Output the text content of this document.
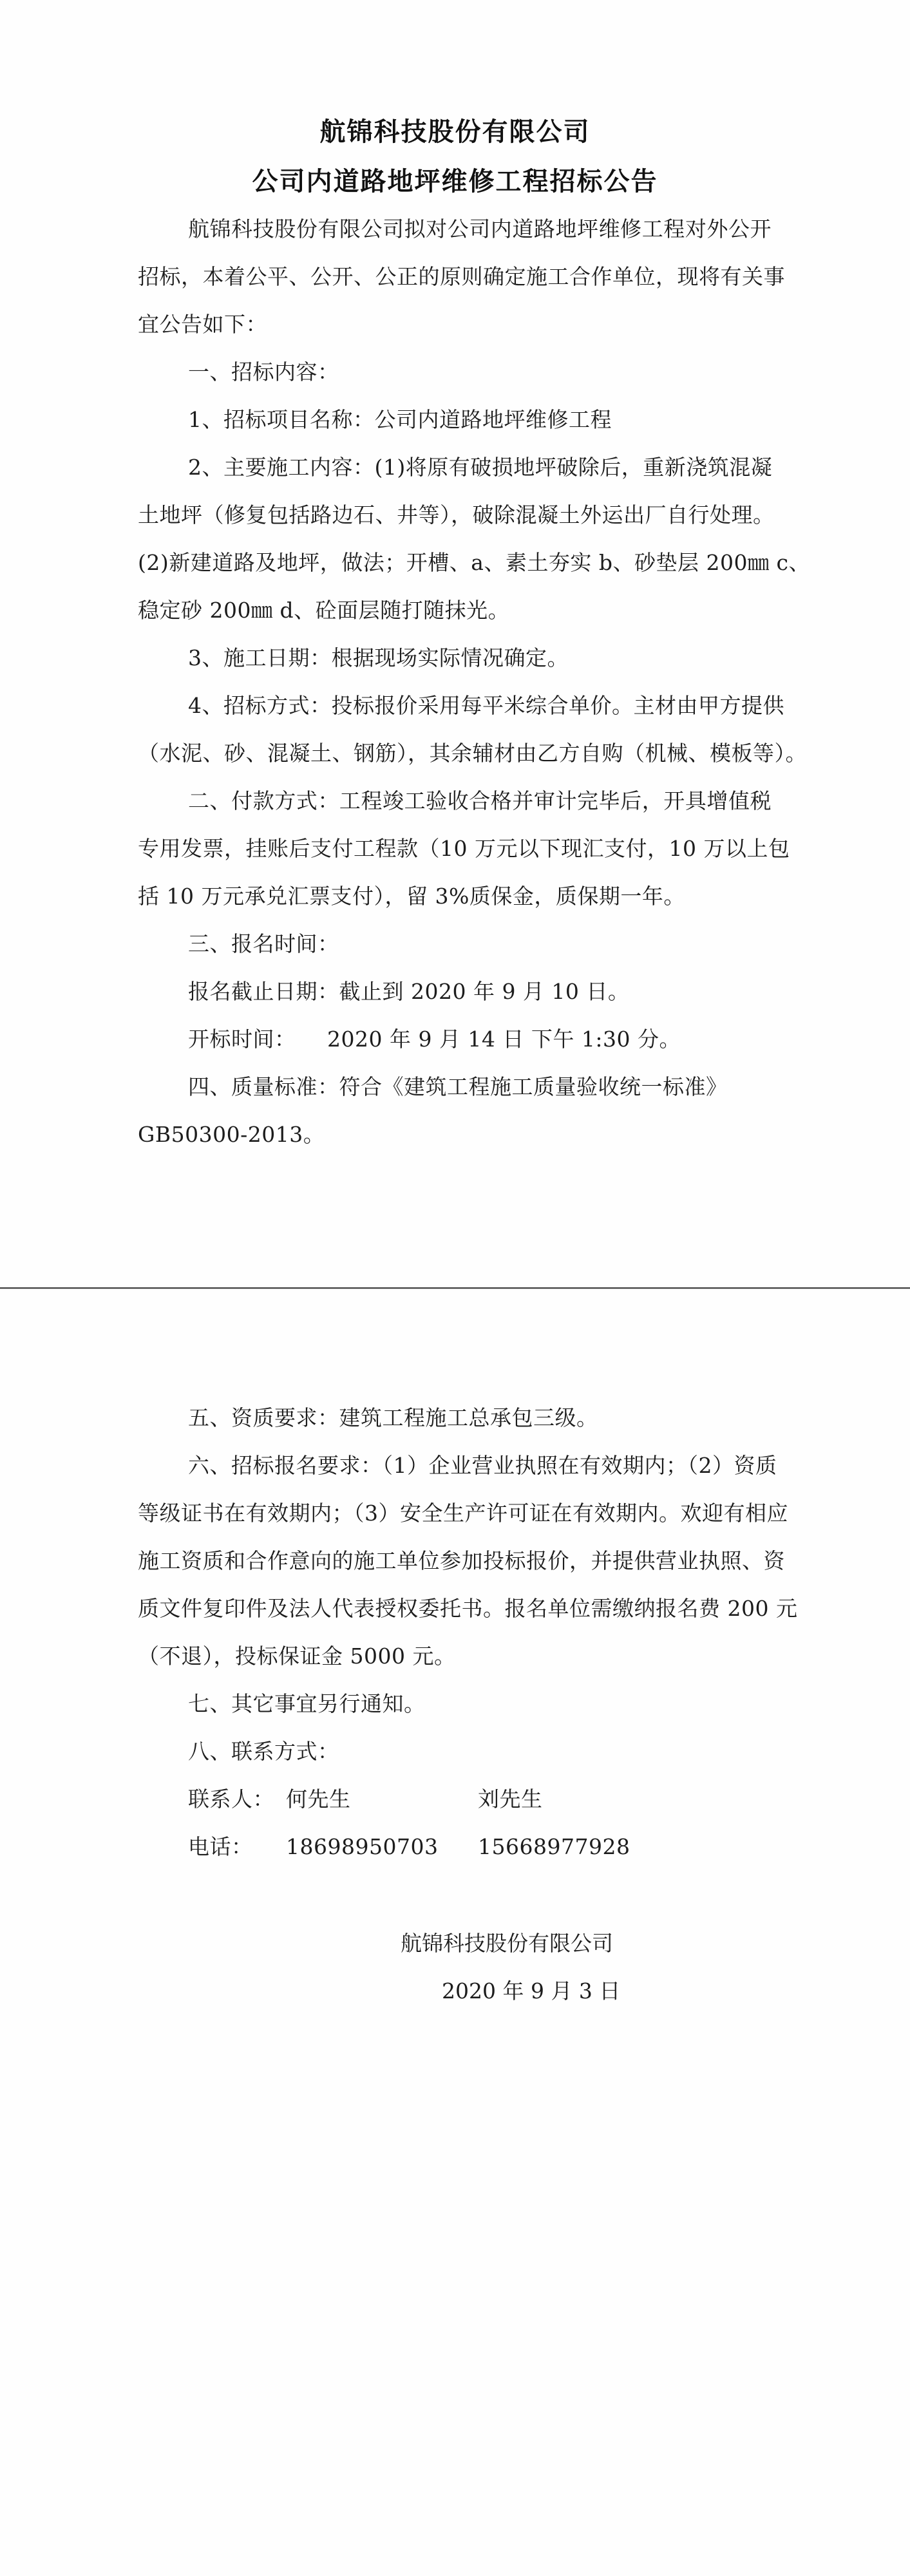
航锦科技股份有限公司
公司内道路地坪维修工程招标公告
航锦科技股份有限公司拟对公司内道路地坪维修工程对外公开
招标，本着公平、公开、公正的原则确定施工合作单位，现将有关事
宜公告如下：
一、招标内容：
1、招标项目名称：公司内道路地坪维修工程
2、主要施工内容：(1)将原有破损地坪破除后，重新浇筑混凝
土地坪（修复包括路边石、井等），破除混凝土外运出厂自行处理。
(2)新建道路及地坪，做法；开槽、a、素土夯实 b、砂垫层 200㎜ c、
稳定砂 200㎜ d、砼面层随打随抹光。
3、施工日期：根据现场实际情况确定。
4、招标方式：投标报价采用每平米综合单价。主材由甲方提供
（水泥、砂、混凝土、钢筋），其余辅材由乙方自购（机械、模板等）。
二、付款方式：工程竣工验收合格并审计完毕后，开具增值税
专用发票，挂账后支付工程款（10 万元以下现汇支付，10 万以上包
括 10 万元承兑汇票支付），留 3%质保金，质保期一年。
三、报名时间：
报名截止日期：截止到 2020 年 9 月 10 日。
开标时间： 2020 年 9 月 14 日 下午 1:30 分。
四、质量标准：符合《建筑工程施工质量验收统一标准》
GB50300-2013。
五、资质要求：建筑工程施工总承包三级。
六、招标报名要求：（1）企业营业执照在有效期内；（2）资质
等级证书在有效期内；（3）安全生产许可证在有效期内。欢迎有相应
施工资质和合作意向的施工单位参加投标报价，并提供营业执照、资
质文件复印件及法人代表授权委托书。报名单位需缴纳报名费 200 元
（不退），投标保证金 5000 元。
七、其它事宜另行通知。
八、联系方式：
联系人： 何先生	刘先生
电话： 18698950703 15668977928
航锦科技股份有限公司
2020 年 9 月 3 日
